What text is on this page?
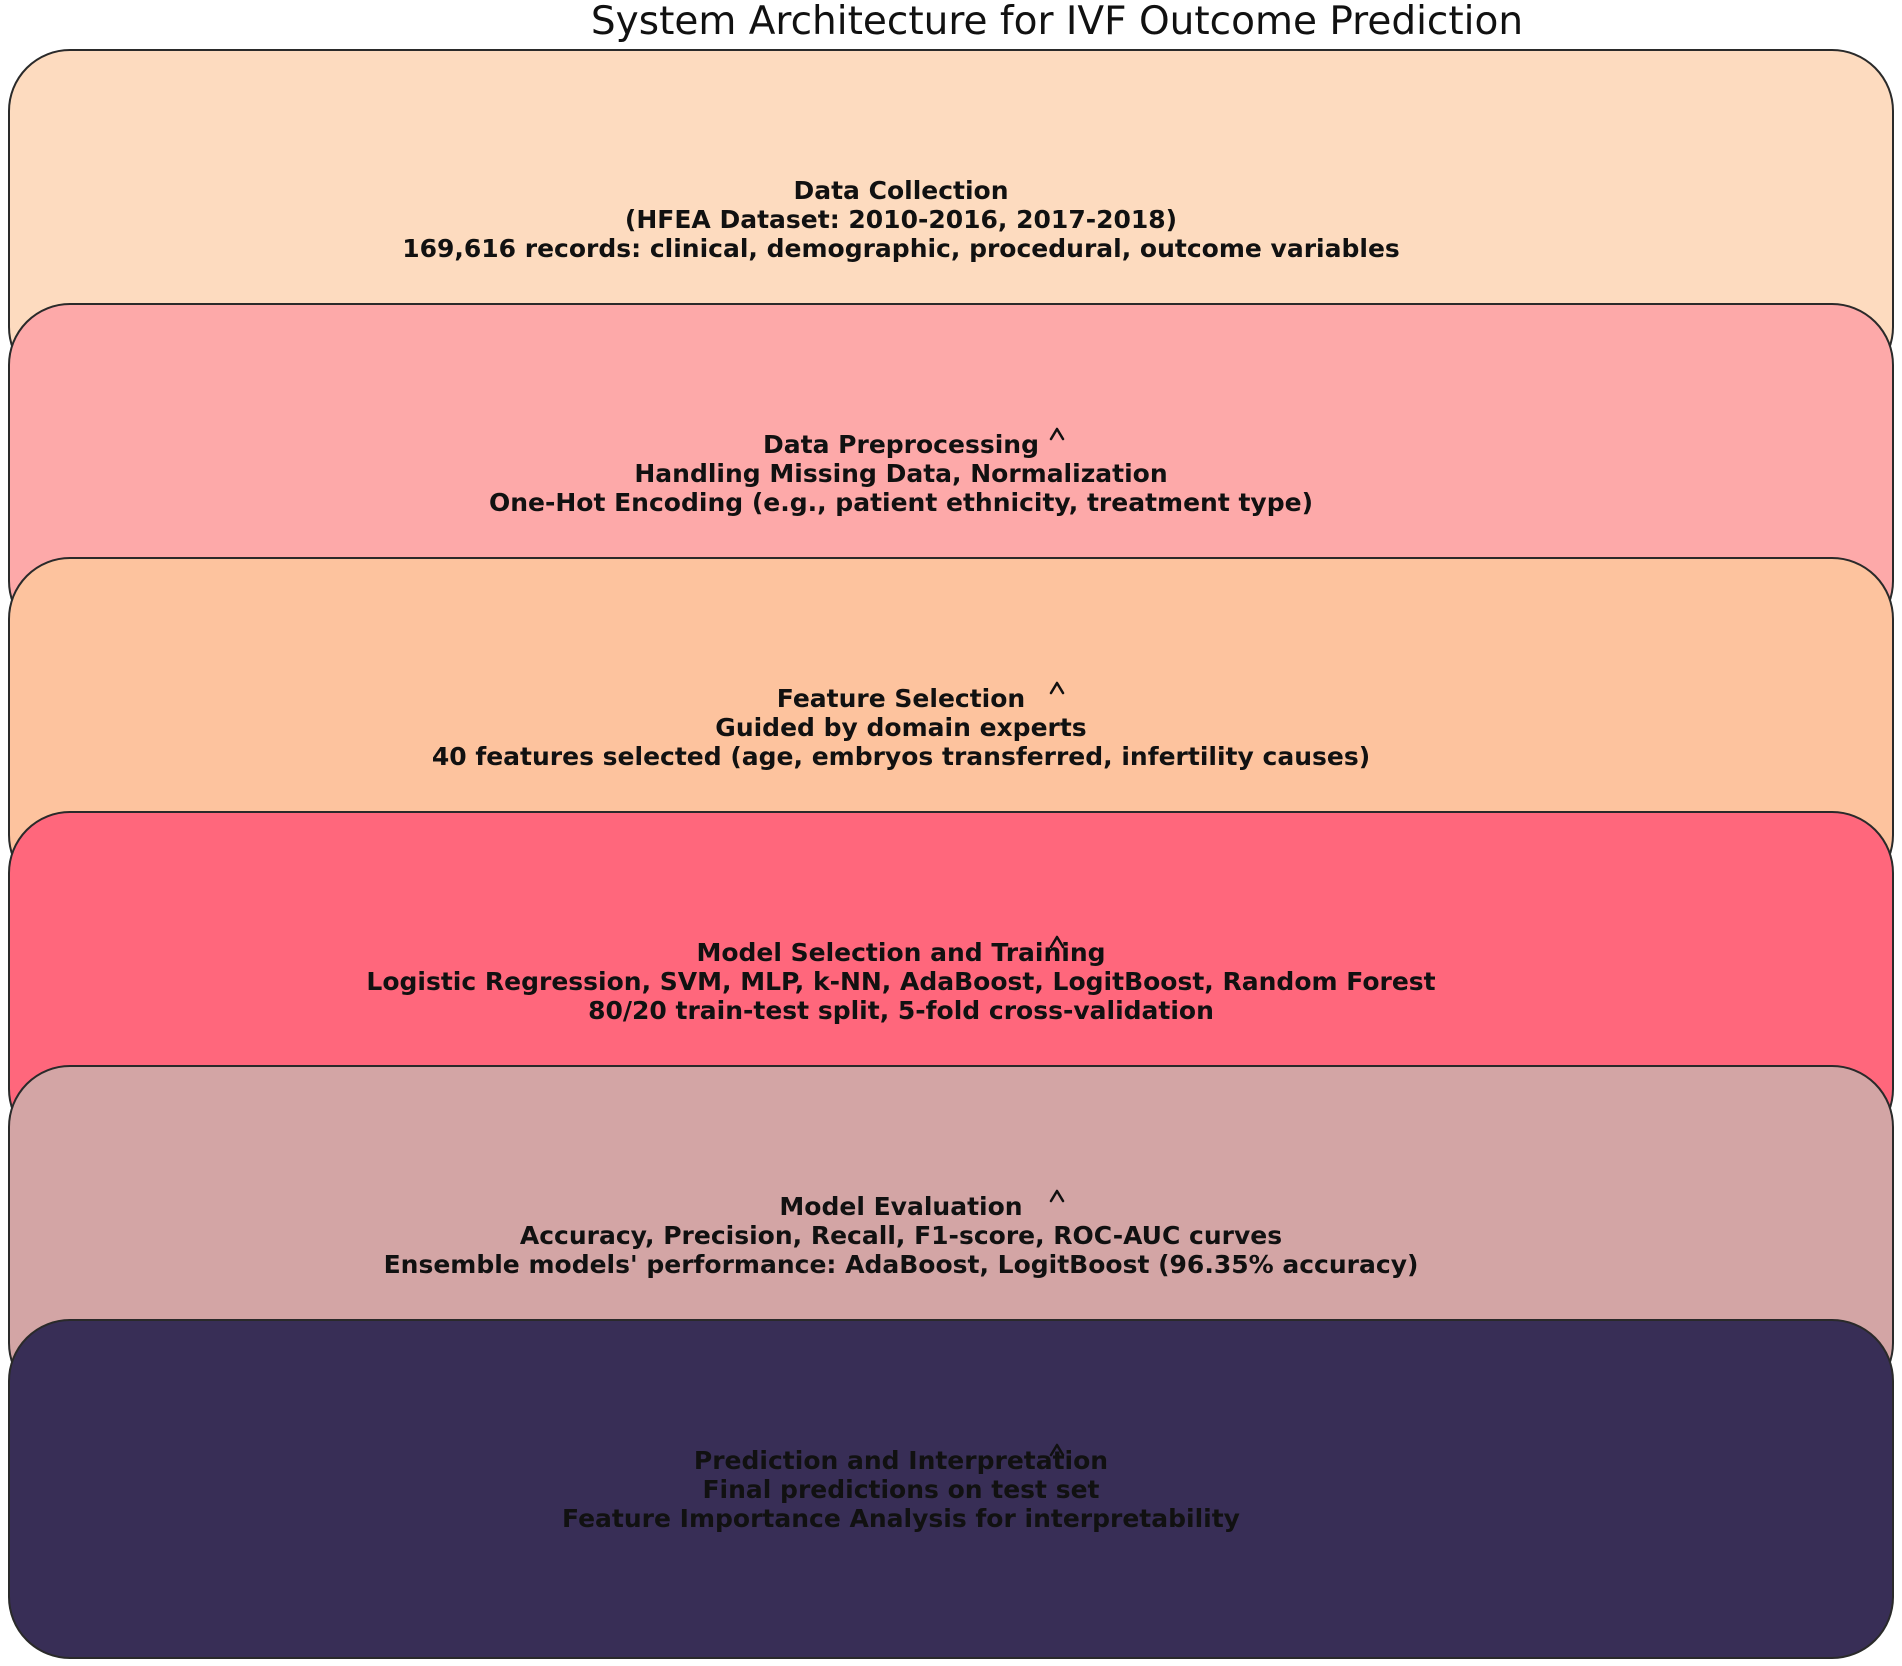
System Architecture for IVF Outcome Prediction
Data Collection
(HFEA Dataset: 2010-2016, 2017-2018)
169,616 records: clinical, demographic, procedural, outcome variables
Data Preprocessing
Handling Missing Data, Normalization
One-Hot Encoding (e.g., patient ethnicity, treatment type)
Feature Selection
Guided by domain experts
40 features selected (age, embryos transferred, infertility causes)
Model Selection and Training
Logistic Regression, SVM, MLP, k-NN, AdaBoost, LogitBoost, Random Forest
80/20 train-test split, 5-fold cross-validation
Model Evaluation
Accuracy, Precision, Recall, F1-score, ROC-AUC curves
Ensemble models' performance: AdaBoost, LogitBoost (96.35% accuracy)
Prediction and Interpretation
Final predictions on test set
Feature Importance Analysis for interpretability
